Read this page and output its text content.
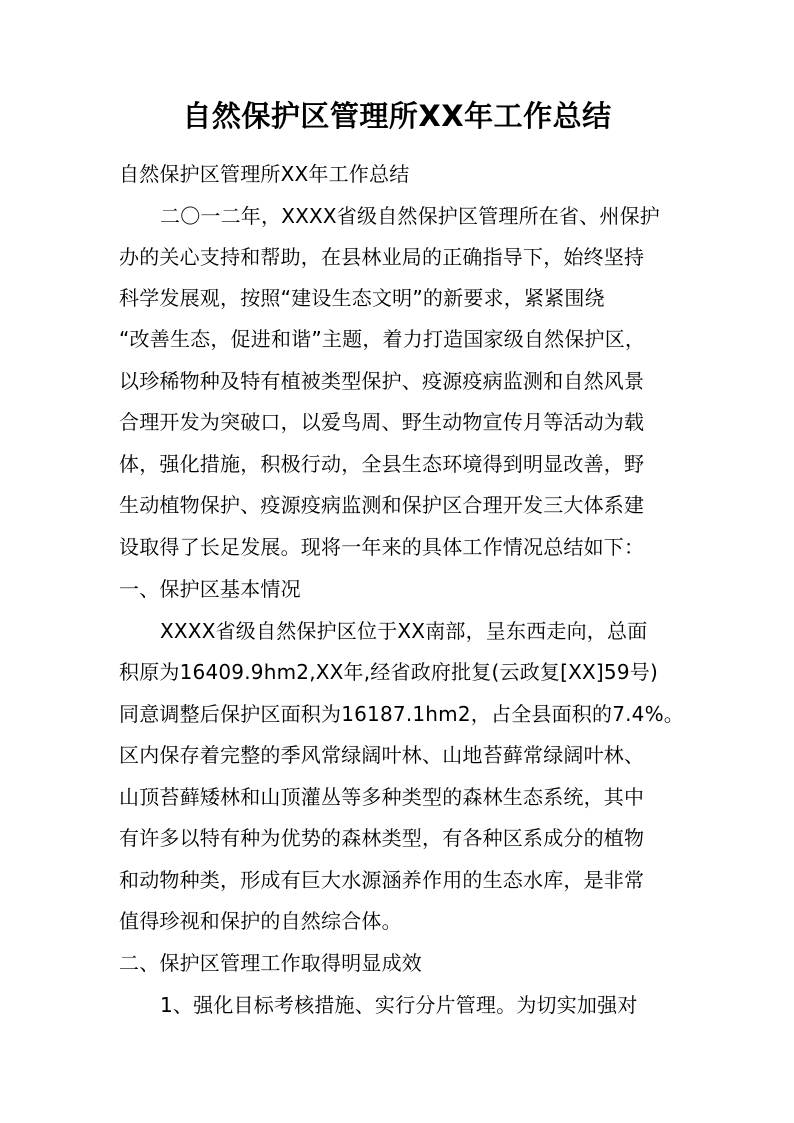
自然保护区管理所XX年工作总结
自然保护区管理所XX年工作总结
二〇一二年，XXXX省级自然保护区管理所在省、州保护
办的关心支持和帮助，在县林业局的正确指导下，始终坚持
科学发展观，按照“建设生态文明”的新要求，紧紧围绕
“改善生态，促进和谐”主题，着力打造国家级自然保护区，
以珍稀物种及特有植被类型保护、疫源疫病监测和自然风景
合理开发为突破口，以爱鸟周、野生动物宣传月等活动为载
体，强化措施，积极行动，全县生态环境得到明显改善，野
生动植物保护、疫源疫病监测和保护区合理开发三大体系建
设取得了长足发展。现将一年来的具体工作情况总结如下：
一、保护区基本情况
XXXX省级自然保护区位于XX南部，呈东西走向，总面
积原为16409.9hm2,XX年,经省政府批复(云政复[XX]59号)
同意调整后保护区面积为16187.1hm2，占全县面积的7.4%。
区内保存着完整的季风常绿阔叶林、山地苔藓常绿阔叶林、
山顶苔藓矮林和山顶灌丛等多种类型的森林生态系统，其中
有许多以特有种为优势的森林类型，有各种区系成分的植物
和动物种类，形成有巨大水源涵养作用的生态水库，是非常
值得珍视和保护的自然综合体。
二、保护区管理工作取得明显成效
1、强化目标考核措施、实行分片管理。为切实加强对
